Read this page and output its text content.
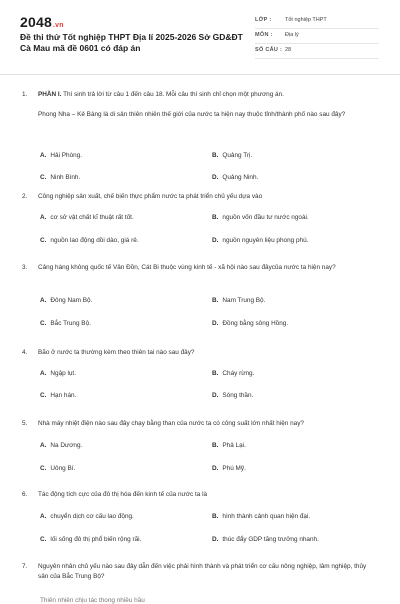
2048.vn
Đề thi thử Tốt nghiệp THPT Địa lí 2025-2026 Sở GD&ĐT Cà Mau mã đề 0601 có đáp án
LỚP : Tốt nghiệp THPT
MÔN : Địa lý
SỐ CÂU : 28
1.	PHẦN I. Thí sinh trả lời từ câu 1 đến câu 18. Mỗi câu thí sinh chỉ chọn một phương án.
Phong Nha – Kẻ Bàng là di sản thiên nhiên thế giới của nước ta hiện nay thuộc tỉnh/thành phố nào sau đây?
A. Hải Phòng.	B. Quảng Trị.
C. Ninh Bình.	D. Quảng Ninh.
2.	Công nghiệp sản xuất, chế biến thực phẩm nước ta phát triển chủ yếu dựa vào
A. cơ sở vật chất kĩ thuật rất tốt.	B. nguồn vốn đầu tư nước ngoài.
C. nguồn lao động dồi dào, giá rẻ.	D. nguồn nguyên liệu phong phú.
3.	Cảng hàng không quốc tế Vân Đồn, Cát Bi thuộc vùng kinh tế - xã hội nào sau đâycủa nước ta hiện nay?
A. Đông Nam Bộ.	B. Nam Trung Bộ.
C. Bắc Trung Bộ.	D. Đồng bằng sông Hồng.
4.	Bão ở nước ta thường kèm theo thiên tai nào sau đây?
A. Ngập lụt.	B. Cháy rừng.
C. Hạn hán.	D. Sóng thần.
5.	Nhà máy nhiệt điện nào sau đây chạy bằng than của nước ta có công suất lớn nhất hiện nay?
A. Na Dương.	B. Phả Lại.
C. Uông Bí.	D. Phú Mỹ.
6.	Tác động tích cực của đô thị hóa đến kinh tế của nước ta là
A. chuyển dịch cơ cấu lao động.	B. hình thành cảnh quan hiện đại.
C. lối sống đô thị phổ biến rộng rãi.	D. thúc đẩy GDP tăng trưởng nhanh.
7.	Nguyên nhân chủ yếu nào sau đây dẫn đến việc phải hình thành và phát triển cơ cấu nông nghiệp, lâm nghiệp, thủy sản của Bắc Trung Bộ?
Thiên nhiên chịu tác thong nhiều hầu
